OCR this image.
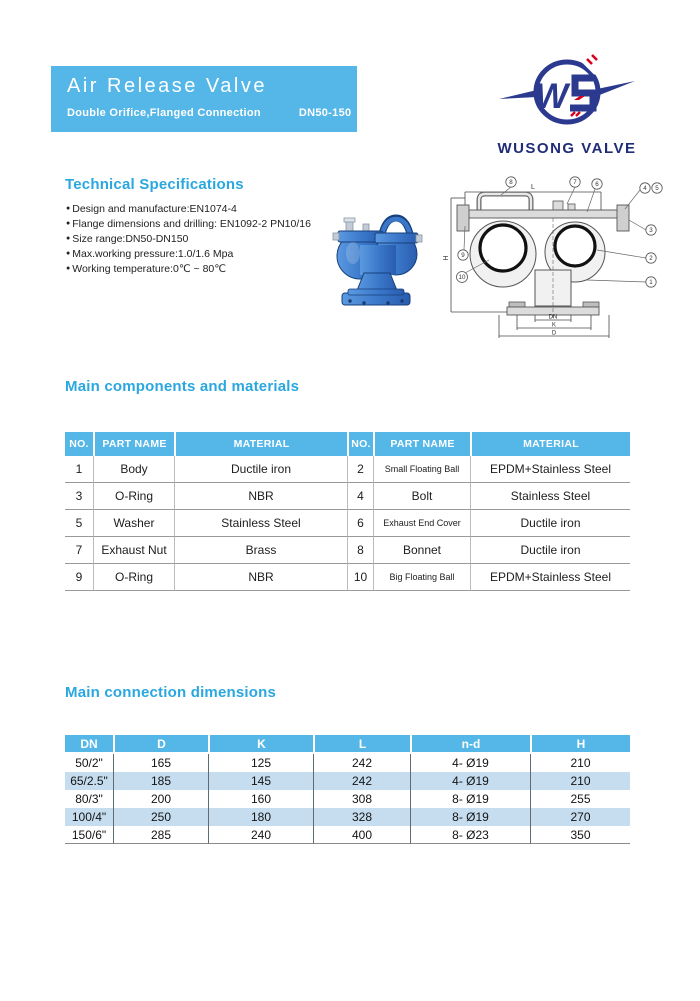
Air Release Valve
Double Orifice,Flanged Connection	DN50-150	W
WUSONG VALVE
Technical Specifications
● Design and manufacture:EN1074-4
● Flange dimensions and drilling: EN1092-2 PN10/16
● Size range:DN50-DN150
● Max.working pressure:1.0/1.6 Mpa
● Working temperature:0℃ ~ 80℃
L
H
DN
K
D
8	7	6
4 5
3
2
1
9
10
Main components and materials
NO.	PART NAME	MATERIAL	NO.	PART NAME	MATERIAL
1	Body	Ductile iron	2	Small Floating Ball	EPDM+Stainless Steel
3	O-Ring	NBR	4	Bolt	Stainless Steel
5	Washer	Stainless Steel	6	Exhaust End Cover	Ductile iron
7	Exhaust Nut	Brass	8	Bonnet	Ductile iron
9	O-Ring	NBR	10	Big Floating Ball	EPDM+Stainless Steel
Main connection dimensions
DN	D	K	L	n-d	H
50/2"	165	125	242	4- Ø19	210
65/2.5"	185	145	242	4- Ø19	210
80/3"	200	160	308	8- Ø19	255
100/4"	250	180	328	8- Ø19	270
150/6"	285	240	400	8- Ø23	350
